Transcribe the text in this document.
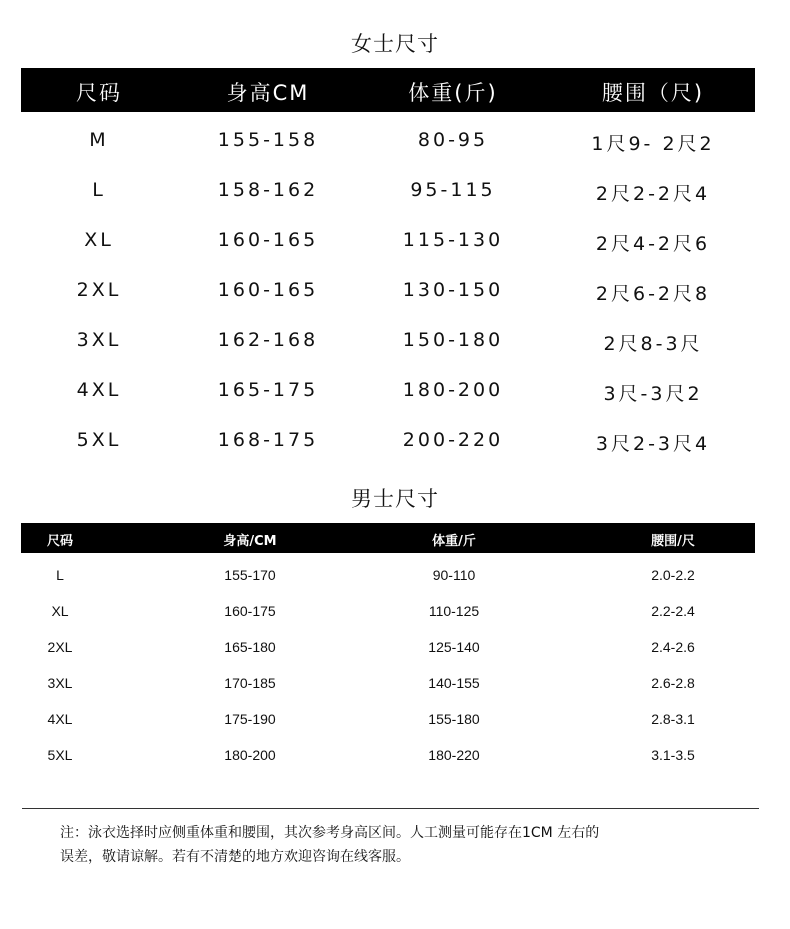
女士尺寸
尺码	身高CM	体重(斤)	腰围（尺)
M	155-158	80-95	1尺9- 2尺2
L	158-162	95-115	2尺2-2尺4
XL	160-165	115-130	2尺4-2尺6
2XL	160-165	130-150	2尺6-2尺8
3XL	162-168	150-180	2尺8-3尺
4XL	165-175	180-200	3尺-3尺2
5XL	168-175	200-220	3尺2-3尺4
男士尺寸
尺码	身高/CM	体重/斤	腰围/尺
L	155-170	90-110	2.0-2.2
XL	160-175	110-125	2.2-2.4
2XL	165-180	125-140	2.4-2.6
3XL	170-185	140-155	2.6-2.8
4XL	175-190	155-180	2.8-3.1
5XL	180-200	180-220	3.1-3.5
注：泳衣选择时应侧重体重和腰围，其次参考身高区间。人工测量可能存在1CM 左右的
误差，敬请谅解。若有不清楚的地方欢迎咨询在线客服。
